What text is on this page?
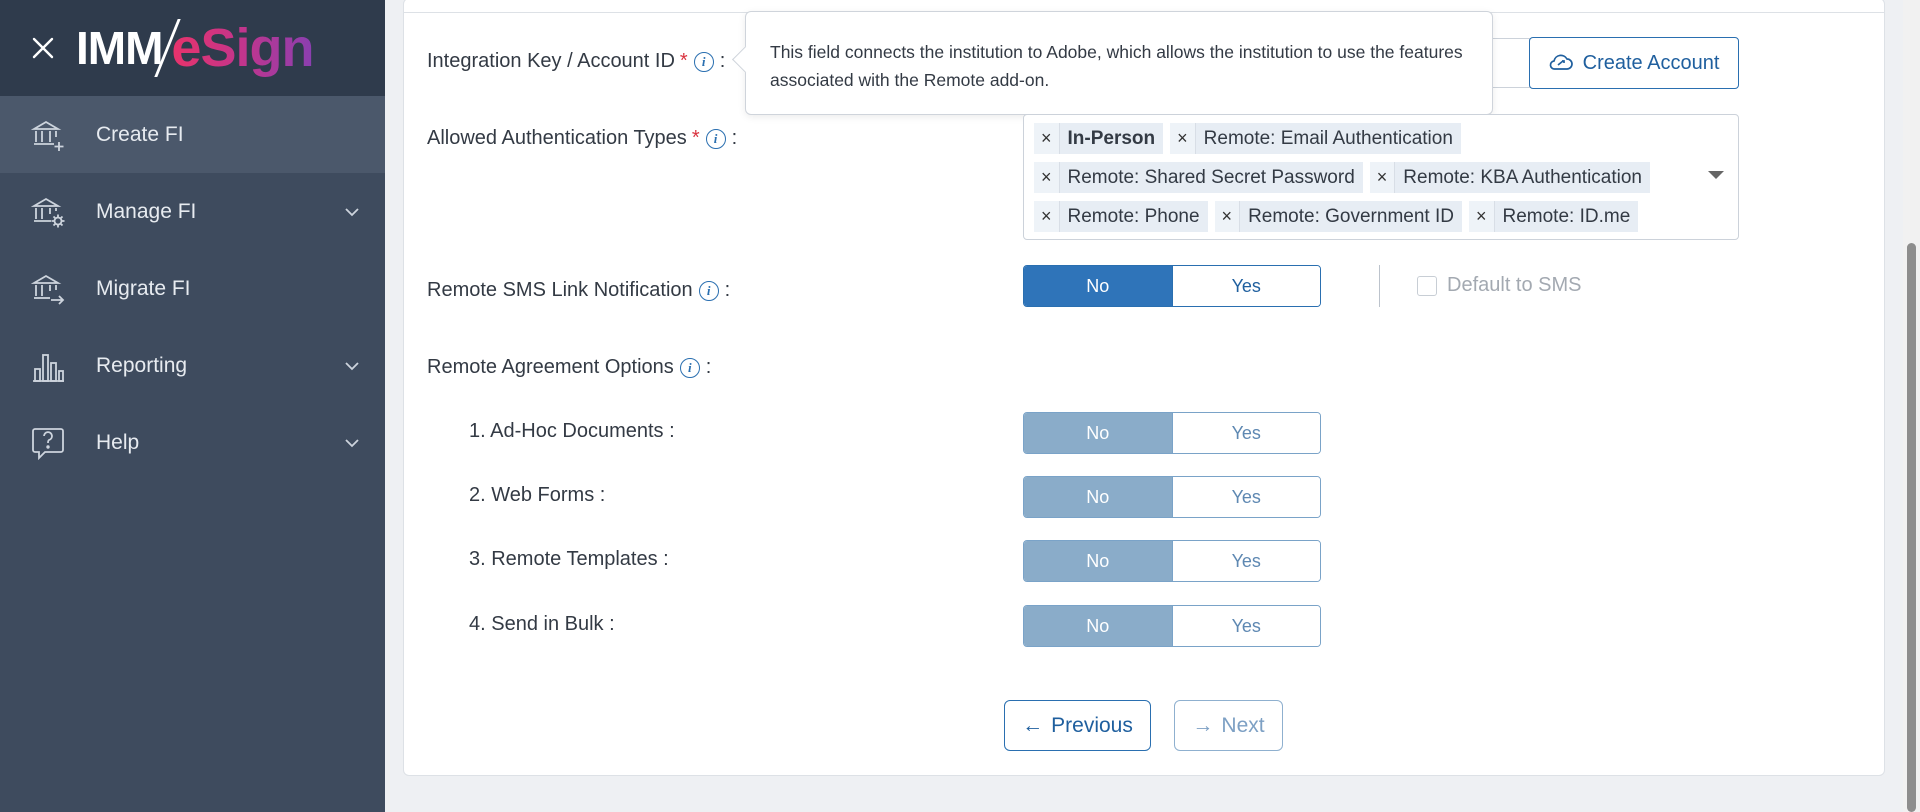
IMM eSign
Create FI
Manage FI
Migrate FI
Reporting
Help
Integration Key / Account ID *	i :	Create Account
This field connects the institution to Adobe, which allows the institution to use the features associated with the Remote add-on.
Allowed Authentication Types *	i :	× In-Person	× Remote: Email Authentication
× Remote: Shared Secret Password	× Remote: KBA Authentication
× Remote: Phone	× Remote: Government ID	× Remote: ID.me
Remote SMS Link Notification	i :	No	Yes	Default to SMS
Remote Agreement Options	i :
1. Ad-Hoc Documents :	No	Yes
2. Web Forms :	No	Yes
3. Remote Templates :	No	Yes
4. Send in Bulk :	No	Yes
← Previous	→ Next
